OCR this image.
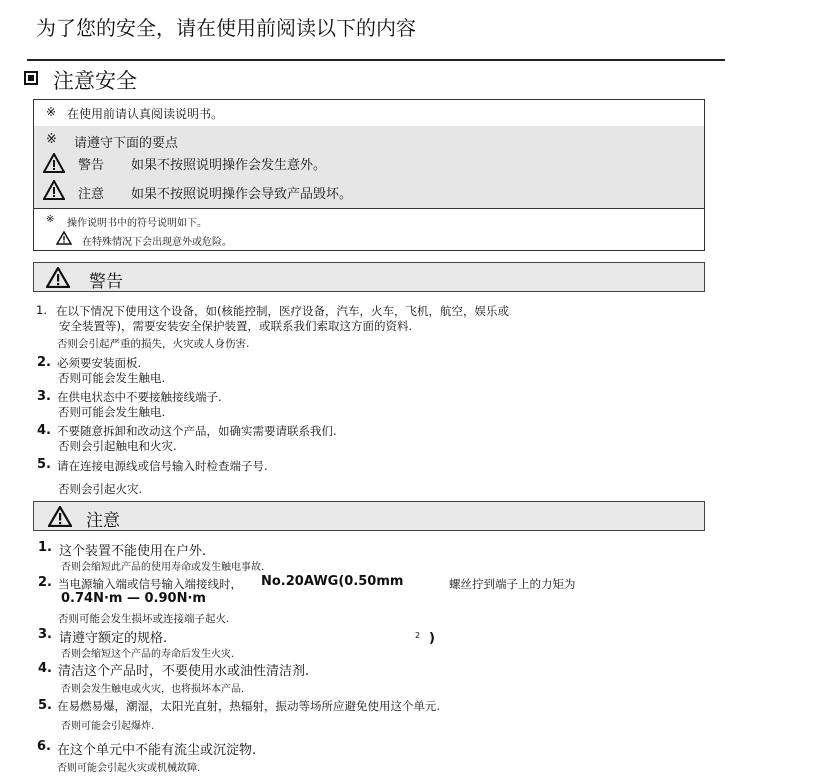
为了您的安全，请在使用前阅读以下的内容
注意安全
※ 在使用前请认真阅读说明书。
※ 请遵守下面的要点
警告 如果不按照说明操作会发生意外。
注意 如果不按照说明操作会导致产品毁坏。
※ 操作说明书中的符号说明如下。
在特殊情况下会出现意外或危险。
警告
1. 在以下情况下使用这个设备，如(核能控制，医疗设备，汽车，火车，飞机，航空，娱乐或
安全装置等)，需要安装安全保护装置，或联系我们索取这方面的资料.
否则会引起严重的损失，火灾或人身伤害.
2. 必须要安装面板.
否则可能会发生触电.
3. 在供电状态中不要接触接线端子.
否则可能会发生触电.
4. 不要随意拆卸和改动这个产品，如确实需要请联系我们.
否则会引起触电和火灾.
5. 请在连接电源线或信号输入时检查端子号.
否则会引起火灾.
注意
1. 这个装置不能使用在户外.
否则会缩短此产品的使用寿命或发生触电事故.
2. 当电源输入端或信号输入端接线时， No.20AWG(0.50mm	螺丝拧到端子上的力矩为
0.74N·m — 0.90N·m
否则可能会发生损坏或连接端子起火.
3. 请遵守额定的规格.	2 )
否则会缩短这个产品的寿命后发生火灾.
4. 清洁这个产品时，不要使用水或油性清洁剂.
否则会发生触电或火灾，也将损坏本产品.
5. 在易燃易爆，潮湿，太阳光直射，热辐射，振动等场所应避免使用这个单元.
否则可能会引起爆炸.
6. 在这个单元中不能有流尘或沉淀物.
否则可能会引起火灾或机械故障.
